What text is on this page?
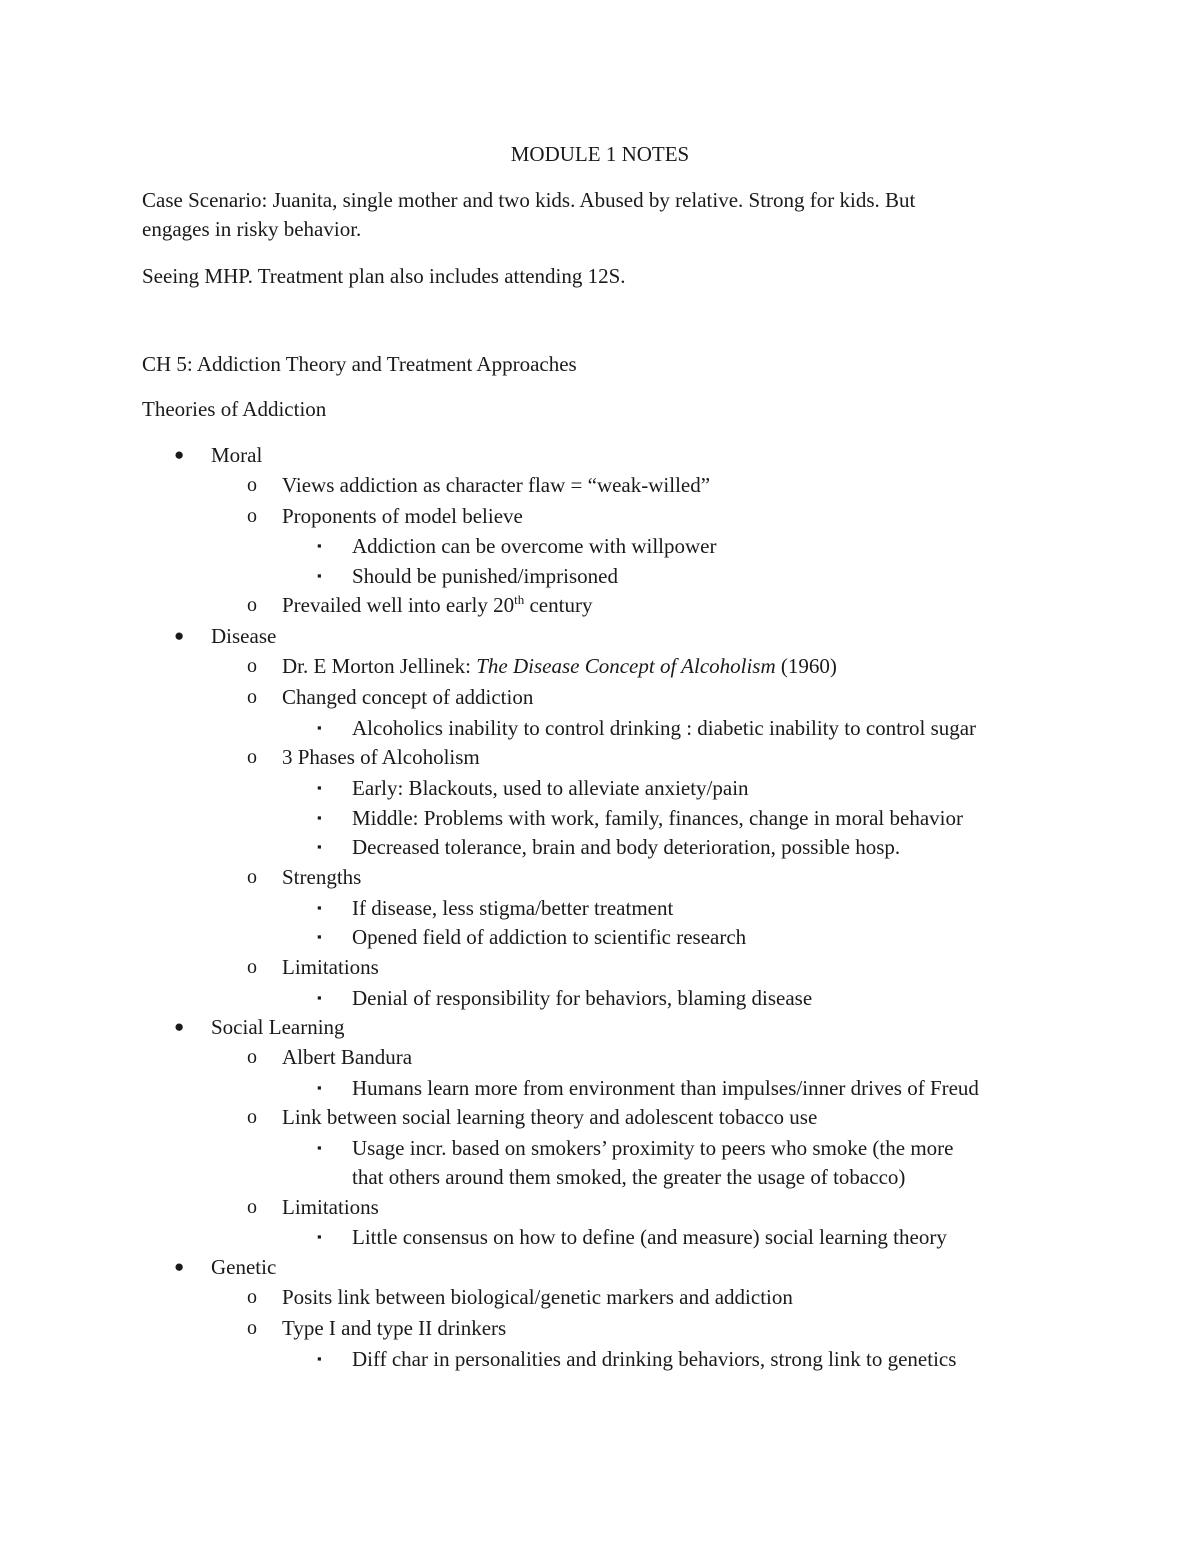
MODULE 1 NOTES

Case Scenario: Juanita, single mother and two kids. Abused by relative. Strong for kids. But
engages in risky behavior.

Seeing MHP. Treatment plan also includes attending 12S.

CH 5: Addiction Theory and Treatment Approaches

Theories of Addiction

● Moral
o Views addiction as character flaw = “weak-willed”
o Proponents of model believe
▪ Addiction can be overcome with willpower
▪ Should be punished/imprisoned
o Prevailed well into early 20th century
● Disease
o Dr. E Morton Jellinek: The Disease Concept of Alcoholism (1960)
o Changed concept of addiction
▪ Alcoholics inability to control drinking : diabetic inability to control sugar
o 3 Phases of Alcoholism
▪ Early: Blackouts, used to alleviate anxiety/pain
▪ Middle: Problems with work, family, finances, change in moral behavior
▪ Decreased tolerance, brain and body deterioration, possible hosp.
o Strengths
▪ If disease, less stigma/better treatment
▪ Opened field of addiction to scientific research
o Limitations
▪ Denial of responsibility for behaviors, blaming disease
● Social Learning
o Albert Bandura
▪ Humans learn more from environment than impulses/inner drives of Freud
o Link between social learning theory and adolescent tobacco use
▪ Usage incr. based on smokers’ proximity to peers who smoke (the more
that others around them smoked, the greater the usage of tobacco)
o Limitations
▪ Little consensus on how to define (and measure) social learning theory
● Genetic
o Posits link between biological/genetic markers and addiction
o Type I and type II drinkers
▪ Diff char in personalities and drinking behaviors, strong link to genetics
